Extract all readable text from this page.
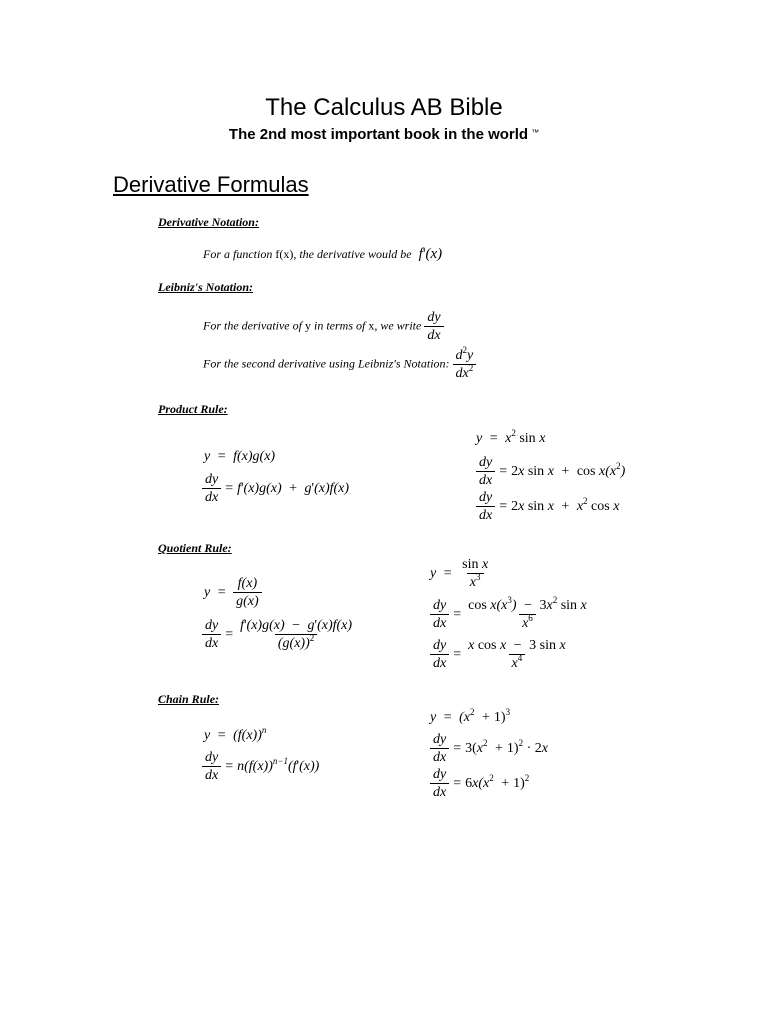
The Calculus AB Bible
The 2nd most important book in the world ™
Derivative Formulas
Derivative Notation:
For a function f(x), the derivative would be f'(x)
Leibniz's Notation:
For the derivative of y in terms of x, we write $\frac{dy}{dx}$
For the second derivative using Leibniz's Notation: $\frac{d^2y}{dx^2}$
Product Rule:
y = f(x)g(x)
$\frac{dy}{dx} = f'(x)g(x) + g'(x)f(x)$
$y = x^2$ sin x
$\frac{dy}{dx} = 2x$ $\sin x + \cos x(x^2)$
$\frac{dy}{dx} = 2x$ $\sin x + x^2$ cos x
Quotient Rule:
$y = \frac{f(x)}{g(x)}$
$\frac{dy}{dx} = \frac{f'(x)g(x) - g'(x)f(x)}{(g(x))^2}$
$y = \frac{\text{sin x}}{x^3}$
$\frac{dy}{dx} = \frac{\cos x(x^3) - 3x^2 \sin x}{x^6}$
$\frac{dy}{dx} = \frac{\text{x cos x − 3 sin x}}{x^4}$
Chain Rule:
$y = (f(x))^n$
$\frac{dy}{dx} = n(f(x))^{n-1}(f'(x))$
$y = (x^2 + 1)^3$
$\frac{dy}{dx} = 3(x^2 + 1)^2 \cdot 2x$
$\frac{dy}{dx} = 6x(x^2 + 1)^2$
